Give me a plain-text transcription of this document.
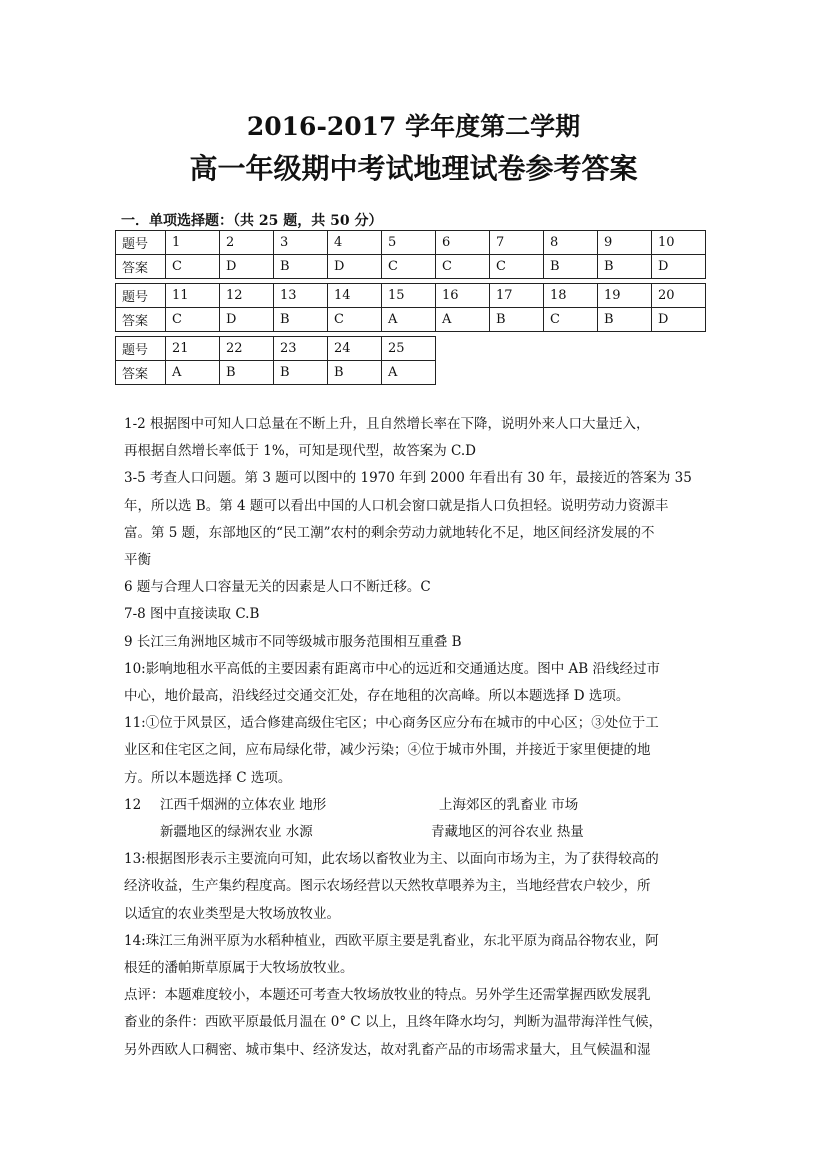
2016-2017 学年度第二学期
高一年级期中考试地理试卷参考答案
一．单项选择题：（共 25 题，共 50 分）
题号	1	2	3	4	5	6	7	8	9	10
答案	C	D	B	D	C	C	C	B	B	D
题号	11	12	13	14	15	16	17	18	19	20
答案	C	D	B	C	A	A	B	C	B	D
题号	21	22	23	24	25
答案	A	B	B	B	A
1-2 根据图中可知人口总量在不断上升，且自然增长率在下降，说明外来人口大量迁入，
再根据自然增长率低于 1%，可知是现代型，故答案为 C.D
3-5 考查人口问题。第 3 题可以图中的 1970 年到 2000 年看出有 30 年，最接近的答案为 35
年，所以选 B。第 4 题可以看出中国的人口机会窗口就是指人口负担轻。说明劳动力资源丰
富。第 5 题，东部地区的“民工潮”农村的剩余劳动力就地转化不足，地区间经济发展的不
平衡
6 题与合理人口容量无关的因素是人口不断迁移。C
7-8 图中直接读取 C.B
9 长江三角洲地区城市不同等级城市服务范围相互重叠 B
10:影响地租水平高低的主要因素有距离市中心的远近和交通通达度。图中 AB 沿线经过市
中心，地价最高，沿线经过交通交汇处，存在地租的次高峰。所以本题选择 D 选项。
11:①位于风景区，适合修建高级住宅区；中心商务区应分布在城市的中心区；③处位于工
业区和住宅区之间，应布局绿化带，减少污染；④位于城市外围，并接近于家里便捷的地
方。所以本题选择 C 选项。
12 江西千烟洲的立体农业 地形	上海郊区的乳畜业 市场
新疆地区的绿洲农业 水源	青藏地区的河谷农业 热量
13:根据图形表示主要流向可知，此农场以畜牧业为主、以面向市场为主，为了获得较高的
经济收益，生产集约程度高。图示农场经营以天然牧草喂养为主，当地经营农户较少，所
以适宜的农业类型是大牧场放牧业。
14:珠江三角洲平原为水稻种植业，西欧平原主要是乳畜业，东北平原为商品谷物农业，阿
根廷的潘帕斯草原属于大牧场放牧业。
点评：本题难度较小，本题还可考查大牧场放牧业的特点。另外学生还需掌握西欧发展乳
畜业的条件：西欧平原最低月温在 0° C 以上，且终年降水均匀，判断为温带海洋性气候，
另外西欧人口稠密、城市集中、经济发达，故对乳畜产品的市场需求量大，且气候温和湿
